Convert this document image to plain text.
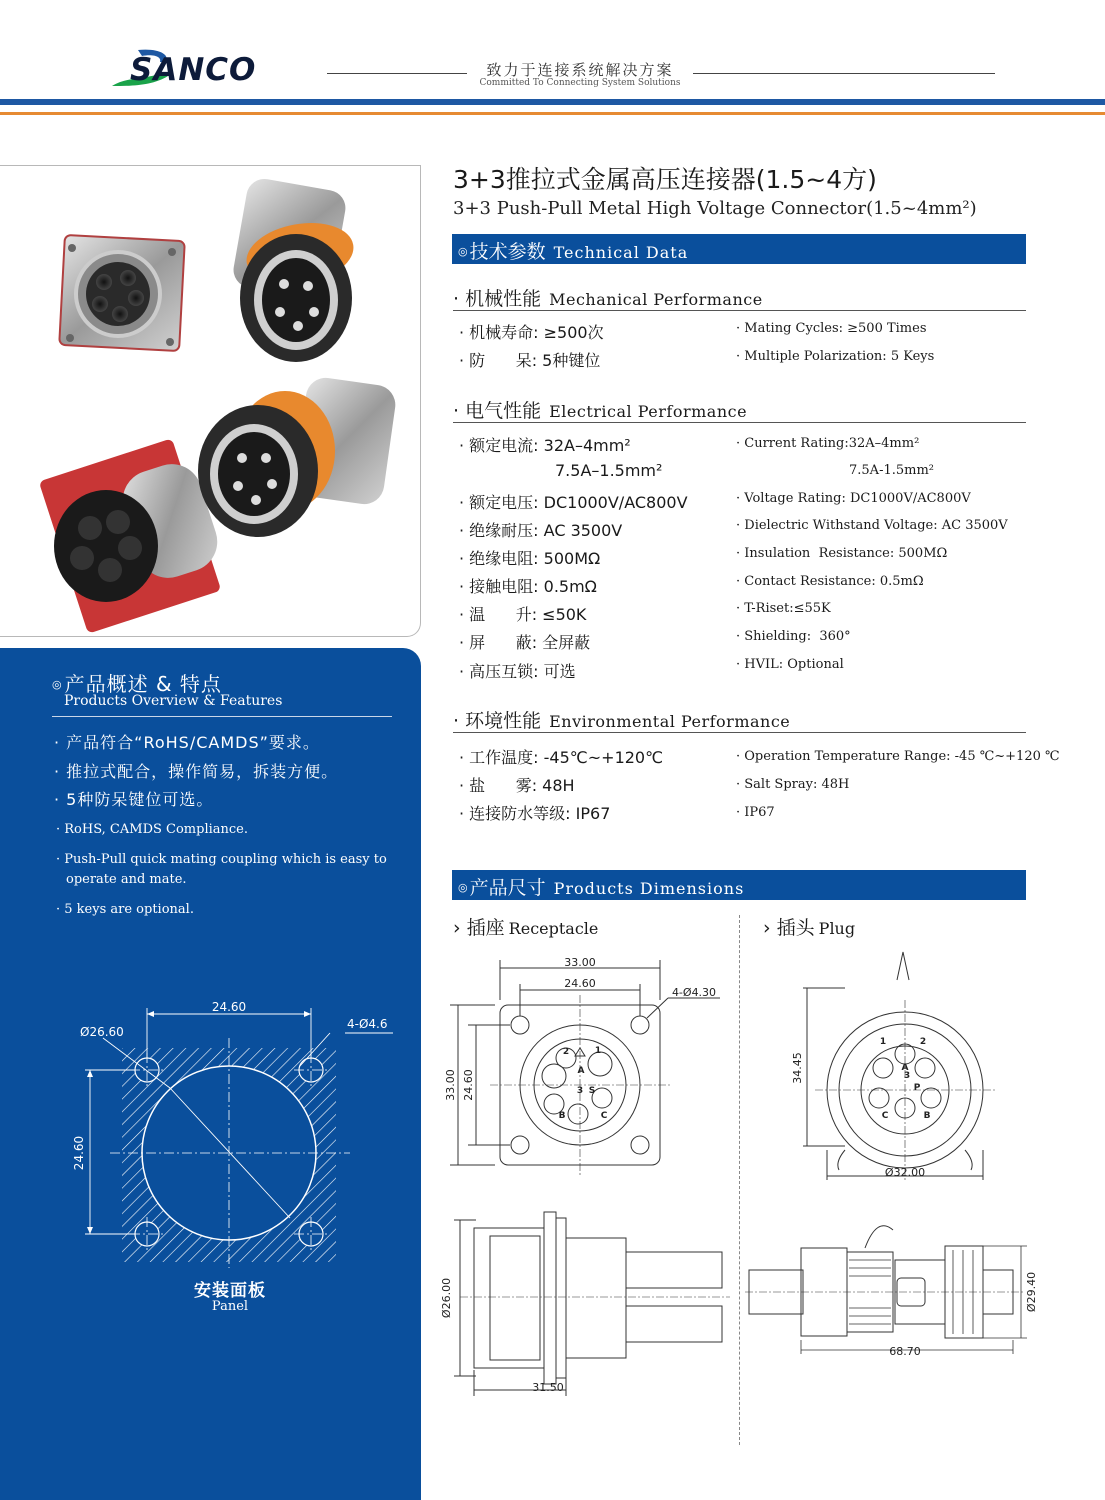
SANCO	致力于连接系统解决方案
Committed To Connecting System Solutions
◎ 产品概述 & 特点
Products Overview & Features
· 产品符合“RoHS/CAMDS”要求。
· 推拉式配合，操作简易，拆装方便。
· 5种防呆键位可选。
· RoHS, CAMDS Compliance.
· Push-Pull quick mating coupling which is easy to operate and mate.
· 5 keys are optional.
24.60
24.60
Ø26.60
4-Ø4.6
安装面板
Panel
3+3推拉式金属高压连接器(1.5~4方)
3+3 Push-Pull Metal High Voltage Connector(1.5~4mm²)
◎ 技术参数 Technical Data
· 机械性能 Mechanical Performance
· 机械寿命: ≥500次	· Mating Cycles: ≥500 Times
· 防      呆: 5种键位	· Multiple Polarization: 5 Keys
· 电气性能 Electrical Performance
· 额定电流: 32A–4mm²	· Current Rating:32A–4mm²
7.5A–1.5mm²	7.5A-1.5mm²
· 额定电压: DC1000V/AC800V	· Voltage Rating: DC1000V/AC800V
· 绝缘耐压: AC 3500V	· Dielectric Withstand Voltage: AC 3500V
· 绝缘电阻: 500MΩ	· Insulation  Resistance: 500MΩ
· 接触电阻: 0.5mΩ	· Contact Resistance: 0.5mΩ
· 温      升: ≤50K	· T-Riset:≤55K
· 屏      蔽: 全屏蔽	· Shielding:  360°
· 高压互锁: 可选	· HVIL: Optional
· 环境性能 Environmental Performance
· 工作温度: -45℃~+120℃	· Operation Temperature Range: -45 ℃~+120 ℃
· 盐      雾: 48H	· Salt Spray: 48H
· 连接防水等级: IP67	· IP67
◎ 产品尺寸 Products Dimensions
› 插座 Receptacle	› 插头 Plug
33.00
24.60
4-Ø4.30
33.00 24.60
2	1
3
A
B	C
S
Ø26.00
31.50
34.45
Ø32.00
1	2
3
A
B
C
P
68.70
Ø29.40
